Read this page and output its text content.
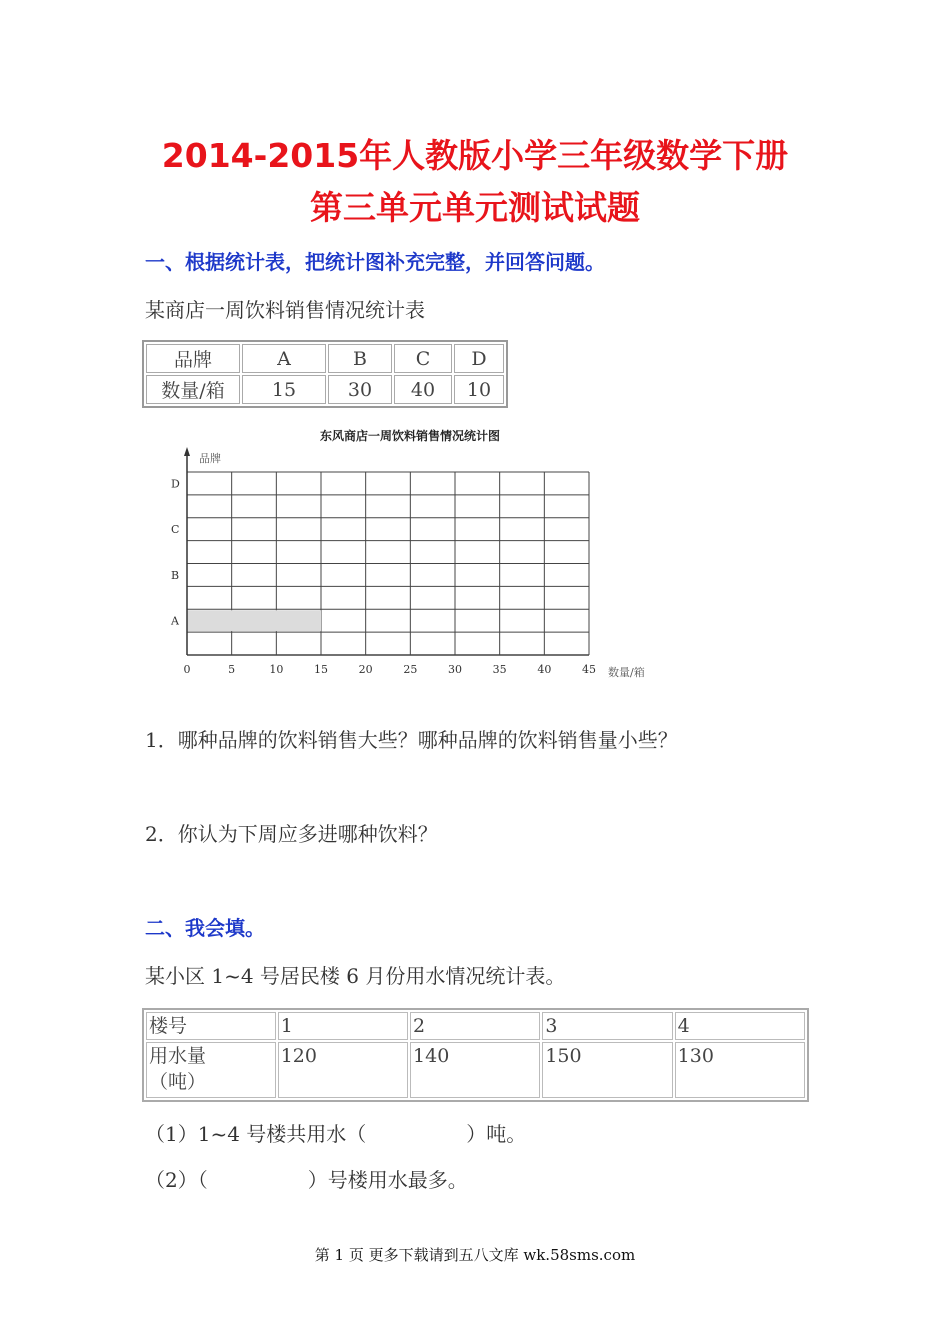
2014-2015年人教版小学三年级数学下册
第三单元单元测试试题
一、根据统计表，把统计图补充完整，并回答问题。
某商店一周饮料销售情况统计表
品牌	A	B	C	D
数量/箱	15	30	40	10
东风商店一周饮料销售情况统计图
品牌
数量/箱
A
B
C
D
0	5	10	15	20	25	30	35	40	45
1．哪种品牌的饮料销售大些？哪种品牌的饮料销售量小些？
2．你认为下周应多进哪种饮料？
二、我会填。
某小区 1~4 号居民楼 6 月份用水情况统计表。
楼号	1	2	3	4

用水量
（吨）	120	140	150	130
（1）1~4 号楼共用水（　　　　　）吨。
（2）（　　　　　）号楼用水最多。
第 1 页 更多下载请到五八文库 wk.58sms.com
